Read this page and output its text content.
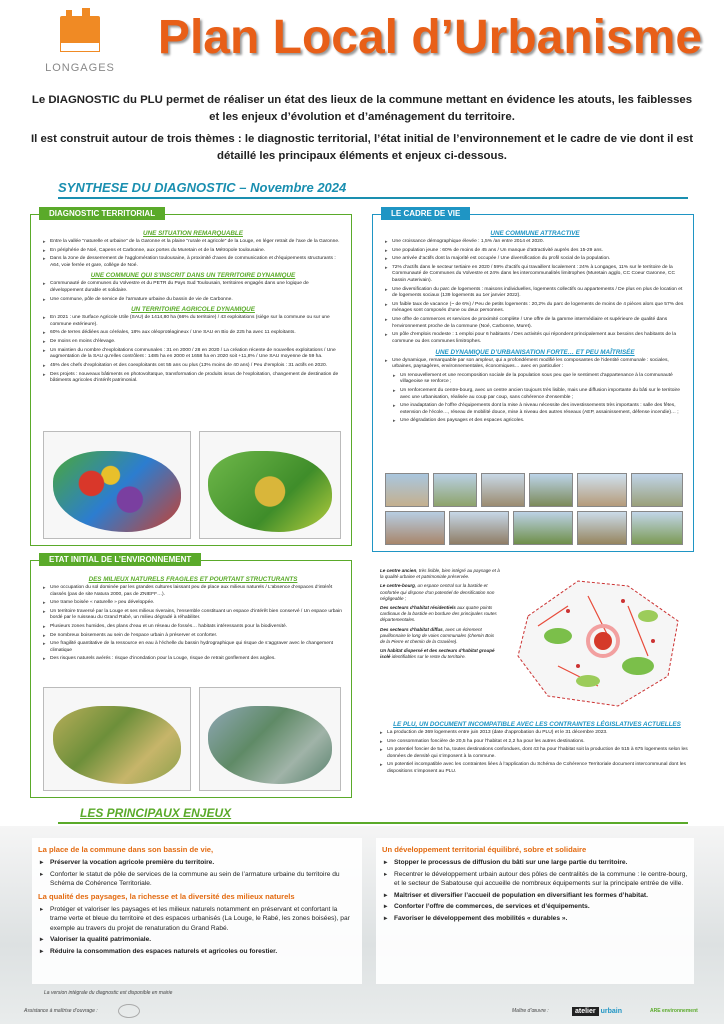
LONGAGES
Plan Local d’Urbanisme

Le DIAGNOSTIC du PLU permet de réaliser un état des lieux de la commune mettant en évidence les atouts, les faiblesses et les enjeux d’évolution et d’aménagement du territoire.

Il est construit autour de trois thèmes : le diagnostic territorial, l’état initial de l’environnement et le cadre de vie dont il est détaillé les principaux éléments et enjeux ci-dessous.

SYNTHESE DU DIAGNOSTIC – Novembre 2024
DIAGNOSTIC TERRITORIAL
UNE SITUATION REMARQUABLE
▸ Entre la vallée "naturelle et urbaine" de la Garonne et la plaine "rurale et agricole" de la Louge, en léger retrait de l’axe de la Garonne.
▸ En périphérie de Noé, Capens et Carbonne, aux portes du Muretain et de la Métropole toulousaine.
▸ Dans la zone de desserrement de l’agglomération toulousaine, à proximité d’axes de communication et d’équipements structurants : A64, voie ferrée et gare, collège de Noé.
UNE COMMUNE QUI S’INSCRIT DANS UN TERRITOIRE DYNAMIQUE
▸ Communauté de communes du Volvestre et du PETR du Pays Sud Toulousain, territoires engagés dans une logique de développement durable et solidaire.
▸ Une commune, pôle de service de l’armature urbaine du bassin de vie de Carbonne.
UN TERRITOIRE AGRICOLE DYNAMIQUE
▸ En 2021 : une Surface Agricole Utile (SAU) de 1414,80 ha (66% du territoire) / 43 exploitations (siège sur la commune ou sur une commune extérieure).
▸ 60% de terres dédiées aux céréales, 18% aux oléoprotéagineux / Une SAU en Bio de 225 ha avec 11 exploitants.
▸ De moins en moins d’élevage.
▸ Un maintien du nombre d’exploitations communales : 31 en 2000 / 28 en 2020 / La création récente de nouvelles exploitations / Une augmentation de la SAU qu’elles contrôlent : 1485 ha en 2000 et 1658 ha en 2020 soit +11,8% / Une SAU moyenne de 59 ha.
▸ 45% des chefs d’exploitation et des coexploitants ont 55 ans ou plus (13% moins de 40 ans) / Peu d’emplois : 31 actifs en 2020.
▸ Des projets : nouveaux bâtiments en photovoltaïque, transformation de produits issus de l’exploitation, changement de destination de bâtiments agricoles d’intérêt patrimonial.
LE CADRE DE VIE
UNE COMMUNE ATTRACTIVE
▸ Une croissance démographique élevée : 1,5% /an entre 2014 et 2020.
▸ Une population jeune : 60% de moins de 45 ans / Un manque d’attractivité auprès des 15-29 ans.
▸ Une arrivée d’actifs dont la majorité est occupée / Une diversification du profil social de la population.
▸ 72% d’actifs dans le secteur tertiaire en 2020 / 59% d’actifs qui travaillent localement : 24% à Longages, 11% sur le territoire de la Communauté de Communes du Volvestre et 24% dans les intercommunalités limitrophes (Muretain agglo, CC Coeur Garonne, CC bassin Auterivain).
▸ Une diversification du parc de logements : maisons individuelles, logements collectifs ou appartements / De plus en plus de location et de logements sociaux (139 logements au 1er janvier 2022).
▸ Un faible taux de vacance (~ de 6%) / Peu de petits logements : 20,2% du parc de logements de moins de 4 pièces alors que 57% des ménages sont composés d’une ou deux personnes.
▸ Une offre de commerces et services de proximité complète / Une offre de la gamme intermédiaire et supérieure de qualité dans l’environnement proche de la commune (Noé, Carbonne, Muret).
▸ Un pôle d’emplois modeste : 1 emploi pour 6 habitants / Des activités qui répondent principalement aux besoins des habitants de la commune ou des communes limitrophes.
UNE DYNAMIQUE D’URBANISATION FORTE… ET PEU MAÎTRISÉE
▸ Une dynamique, remarquable par son ampleur, qui a profondément modifié les composantes de l’identité communale : sociales, urbaines, paysagères, environnementales, économiques… avec en particulier :
▸ Un renouvellement et une recomposition sociale de la population sous peu que le sentiment d’appartenance à la communauté villageoise se renforce ;
▸ Un renforcement du centre-bourg, avec un centre ancien toujours très lisible, mais une diffusion importante du bâti sur le territoire avec une urbanisation, réalisée au coup par coup, sans cohérence d’ensemble ;
▸ Une inadaptation de l’offre d’équipements dont la mise à niveau nécessite des investissements très importants : salle des fêtes, extension de l’école…, réseau de mobilité douce, mise à niveau des autres réseaux (AEP, assainissement, défense incendie)… ;
▸ Une dégradation des paysages et des espaces agricoles.
ETAT INITIAL DE L’ENVIRONNEMENT
DES MILIEUX NATURELS FRAGILES ET POURTANT STRUCTURANTS
▸ Une occupation du sol dominée par les grandes cultures laissant peu de place aux milieux naturels / L’absence d’espaces d’intérêt classés (pas de site Natura 2000, pas de ZNIEFF…).
▸ Une trame boisée « naturelle » peu développée.
▸ Un territoire traversé par la Louge et ses milieux riverains, l’ensemble constituant un espace d’intérêt bien conservé / Un espace urbain bordé par le ruisseau du Grand Rabé, un milieu dégradé à réhabiliter.
▸ Plusieurs zones humides, des plans d’eau et un réseau de fossés… habitats intéressants pour la biodiversité.
▸ De nombreux boisements au sein de l’espace urbain à préserver et conforter.
▸ Une fragilité quantitative de la ressource en eau à l’échelle du bassin hydrographique qui risque de s’aggraver avec le changement climatique
▸ Des risques naturels avérés : risque d’inondation pour la Louge, risque de retrait gonflement des argiles.

Le centre ancien, très lisible, bien intégré au paysage et à la qualité urbaine et patrimoniale préservée.

Le centre-bourg, un espace central sur la bastide et confortée qui dispose d’un potentiel de densification non négligeable ;

Des secteurs d’habitat résidentiels aux quatre points cardinaux de la bastide en bordure des principales routes départementales.

Des secteurs d’habitat diffus, avec un étirement pavillonnaire le long de voies communales (chemin Bois de la Pierre et chemin de la Gravière).

Un habitat dispersé et des secteurs d’habitat groupé isolé identifiables sur le reste du territoire.

LE PLU, UN DOCUMENT INCOMPATIBLE AVEC LES CONTRAINTES LÉGISLATIVES ACTUELLES
▸ La production de 369 logements entre juin 2013 (date d’approbation du PLU) et le 31 décembre 2023.
▸ Une consommation foncière de 20,5 ha pour l’habitat et 2,2 ha pour les autres destinations.
▸ Un potentiel foncier de 54 ha, toutes destinations confondues, dont 43 ha pour l’habitat soit la production de 515 à 675 logements selon les données de densité qui s’imposent à la commune.
▸ Un potentiel incompatible avec les contraintes liées à l’application du Schéma de Cohérence Territoriale document intercommunal dont les dispositions s’imposent au PLU.
LES PRINCIPAUX ENJEUX
La place de la commune dans son bassin de vie,
▸ Préserver la vocation agricole première du territoire.
▸ Conforter le statut de pôle de services de la commune au sein de l’armature urbaine du territoire du Schéma de Cohérence Territoriale.
La qualité des paysages, la richesse et la diversité des milieux naturels
▸ Protéger et valoriser les paysages et les milieux naturels notamment en préservant et confortant la trame verte et bleue du territoire et des espaces urbanisés (La Louge, le Rabé, les zones boisées), par exemple au travers du projet de renaturation du Grand Rabé.
▸ Valoriser la qualité patrimoniale.
▸ Réduire la consommation des espaces naturels et agricoles ou forestier.
Un développement territorial équilibré, sobre et solidaire
▸ Stopper le processus de diffusion du bâti sur une large partie du territoire.
▸ Recentrer le développement urbain autour des pôles de centralités de la commune : le centre-bourg, et le secteur de Sabatouse qui accueille de nombreux équipements sur la principale entrée de ville.
▸ Maîtriser et diversifier l’accueil de population en diversifiant les formes d’habitat.
▸ Conforter l’offre de commerces, de services et d’équipements.
▸ Favoriser le développement des mobilités « durables ».
La version intégrale du diagnostic est disponible en mairie
Assistance à maîtrise d’ouvrage :	Maître d’œuvre :	atelier urbain	ARE environnement
